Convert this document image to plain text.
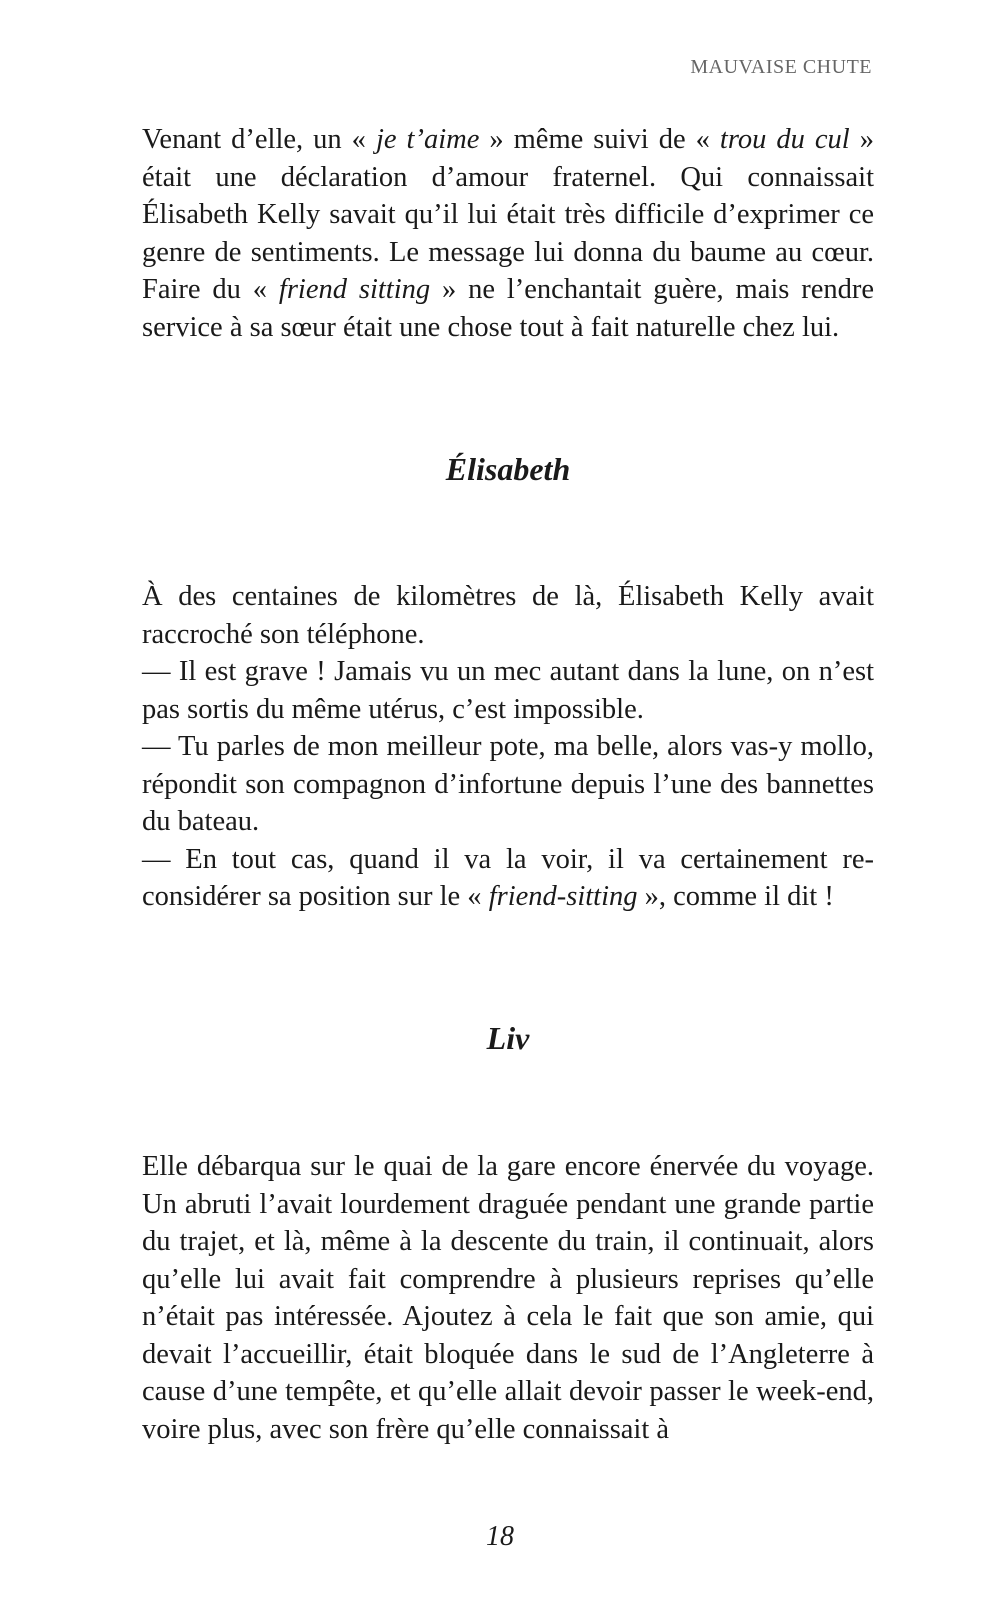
MAUVAISE CHUTE

Venant d’elle, un « je t’aime » même suivi de « trou du cul » était une déclaration d’amour fraternel. Qui connaissait Élisabeth Kelly savait qu’il lui était très difficile d’exprimer ce genre de sentiments. Le message lui donna du baume au cœur. Faire du « friend sitting » ne l’enchantait guère, mais rendre service à sa sœur était une chose tout à fait naturelle chez lui.

Élisabeth

À des centaines de kilomètres de là, Élisabeth Kelly avait raccroché son téléphone.

— Il est grave ! Jamais vu un mec autant dans la lune, on n’est pas sortis du même utérus, c’est impossible.

— Tu parles de mon meilleur pote, ma belle, alors vas-y mollo, répondit son compagnon d’infortune depuis l’une des bannettes du bateau.

— En tout cas, quand il va la voir, il va certainement reconsidérer sa position sur le « friend-sitting », comme il dit !

Liv

Elle débarqua sur le quai de la gare encore énervée du voyage. Un abruti l’avait lourdement draguée pendant une grande partie du trajet, et là, même à la descente du train, il continuait, alors qu’elle lui avait fait comprendre à plusieurs reprises qu’elle n’était pas intéressée. Ajoutez à cela le fait que son amie, qui devait l’accueillir, était bloquée dans le sud de l’Angleterre à cause d’une tempête, et qu’elle allait devoir passer le week-end, voire plus, avec son frère qu’elle connaissait à

18
